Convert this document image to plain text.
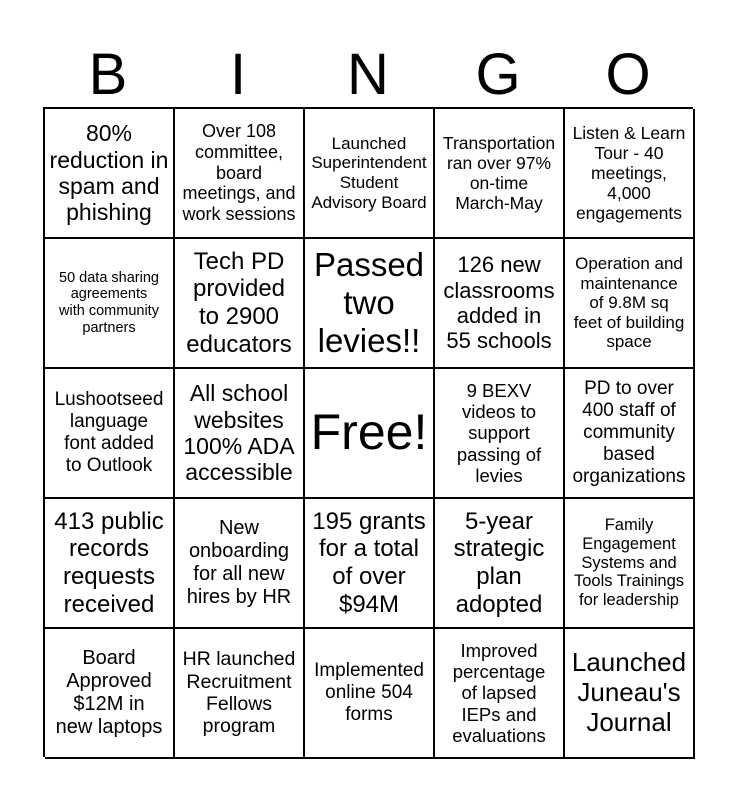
B	I	N	G	O
80%
reduction in
spam and
phishing
Over 108
committee,
board
meetings, and
work sessions
Launched
Superintendent
Student
Advisory Board
Transportation
ran over 97%
on-time
March-May
Listen & Learn
Tour - 40
meetings,
4,000
engagements
50 data sharing
agreements
with community
partners
Tech PD
provided
to 2900
educators
Passed
two
levies!!
126 new
classrooms
added in
55 schools
Operation and
maintenance
of 9.8M sq
feet of building
space
Lushootseed
language
font added
to Outlook
All school
websites
100% ADA
accessible
Free!
9 BEXV
videos to
support
passing of
levies
PD to over
400 staff of
community
based
organizations
413 public
records
requests
received
New
onboarding
for all new
hires by HR
195 grants
for a total
of over
$94M
5-year
strategic
plan
adopted
Family
Engagement
Systems and
Tools Trainings
for leadership
Board
Approved
$12M in
new laptops
HR launched
Recruitment
Fellows
program
Implemented
online 504
forms
Improved
percentage
of lapsed
IEPs and
evaluations
Launched
Juneau's
Journal
